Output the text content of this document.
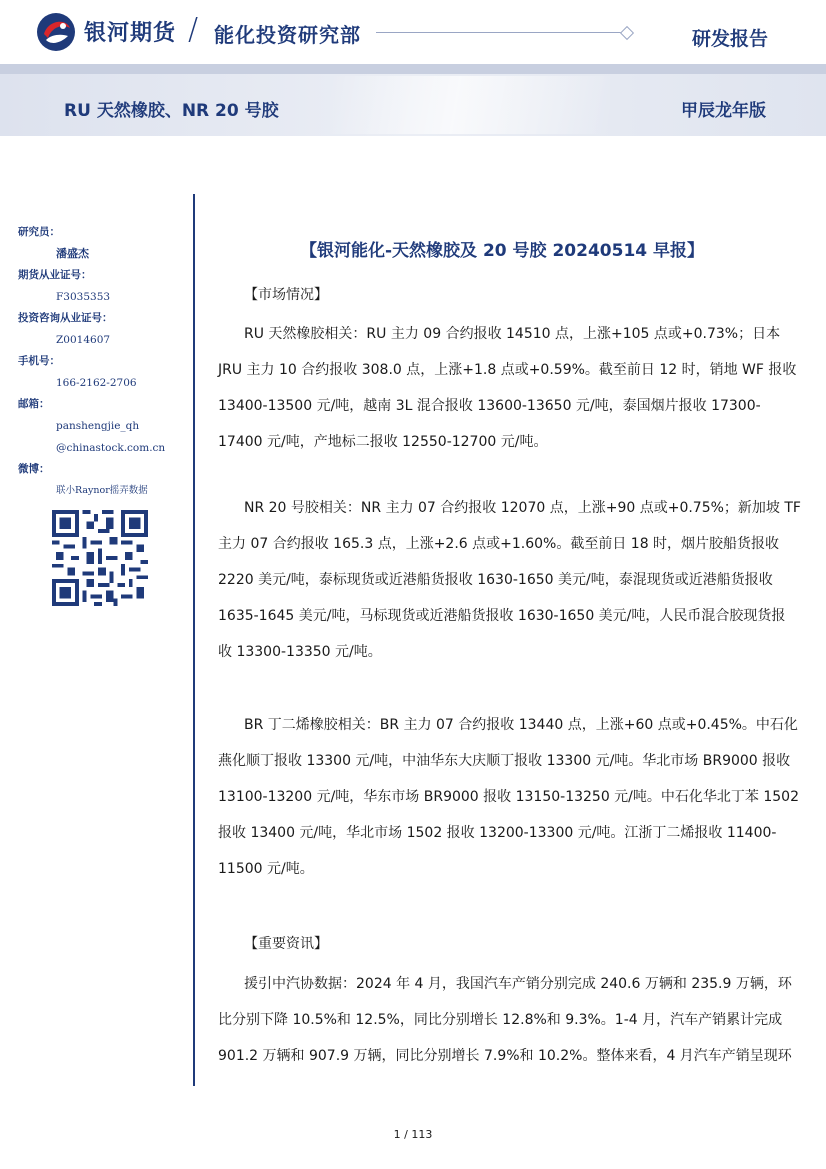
银河期货 / 能化投资研究部	研发报告
RU 天然橡胶、NR 20 号胶	甲辰龙年版
研究员：
潘盛杰
期货从业证号：
F3035353
投资咨询从业证号：
Z0014607
手机号：
166-2162-2706
邮箱：
panshengjie_qh
@chinastock.com.cn
微博：
联小Raynor摇弄数据
【银河能化-天然橡胶及 20 号胶 20240514 早报】
【市场情况】
RU 天然橡胶相关：RU 主力 09 合约报收 14510 点，上涨+105 点或+0.73%；日本
JRU 主力 10 合约报收 308.0 点，上涨+1.8 点或+0.59%。截至前日 12 时，销地 WF 报收
13400-13500 元/吨，越南 3L 混合报收 13600-13650 元/吨，泰国烟片报收 17300-
17400 元/吨，产地标二报收 12550-12700 元/吨。
NR 20 号胶相关：NR 主力 07 合约报收 12070 点，上涨+90 点或+0.75%；新加坡 TF
主力 07 合约报收 165.3 点，上涨+2.6 点或+1.60%。截至前日 18 时，烟片胶船货报收
2220 美元/吨，泰标现货或近港船货报收 1630-1650 美元/吨，泰混现货或近港船货报收
1635-1645 美元/吨，马标现货或近港船货报收 1630-1650 美元/吨，人民币混合胶现货报
收 13300-13350 元/吨。
BR 丁二烯橡胶相关：BR 主力 07 合约报收 13440 点，上涨+60 点或+0.45%。中石化
燕化顺丁报收 13300 元/吨，中油华东大庆顺丁报收 13300 元/吨。华北市场 BR9000 报收
13100-13200 元/吨，华东市场 BR9000 报收 13150-13250 元/吨。中石化华北丁苯 1502
报收 13400 元/吨，华北市场 1502 报收 13200-13300 元/吨。江浙丁二烯报收 11400-
11500 元/吨。
【重要资讯】
援引中汽协数据：2024 年 4 月，我国汽车产销分别完成 240.6 万辆和 235.9 万辆，环
比分别下降 10.5%和 12.5%，同比分别增长 12.8%和 9.3%。1-4 月，汽车产销累计完成
901.2 万辆和 907.9 万辆，同比分别增长 7.9%和 10.2%。整体来看，4 月汽车产销呈现环
1 / 113
